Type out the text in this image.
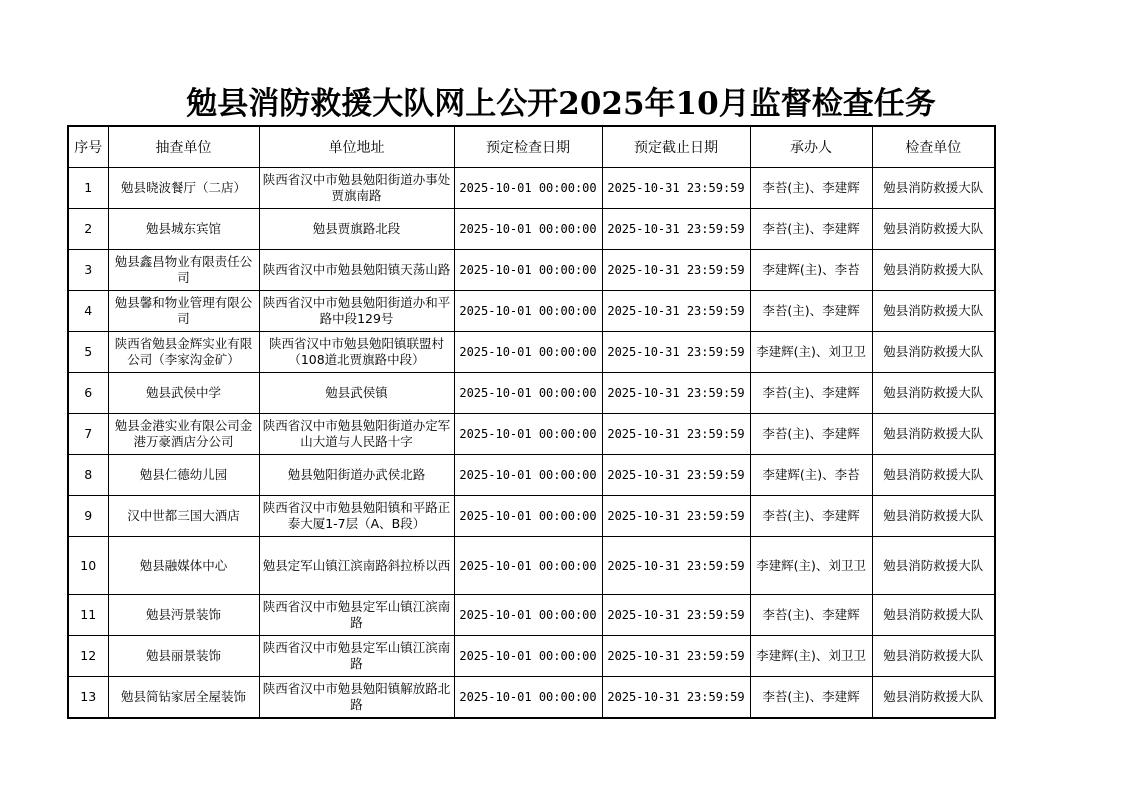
勉县消防救援大队网上公开2025年10月监督检查任务
序号	抽查单位	单位地址	预定检查日期	预定截止日期	承办人	检查单位
1	勉县晓波餐厅（二店）	陕西省汉中市勉县勉阳街道办事处贾旗南路	2025-10-01 00:00:00	2025-10-31 23:59:59	李苔(主)、李建辉	勉县消防救援大队
2	勉县城东宾馆	勉县贾旗路北段	2025-10-01 00:00:00	2025-10-31 23:59:59	李苔(主)、李建辉	勉县消防救援大队
3	勉县鑫昌物业有限责任公司	陕西省汉中市勉县勉阳镇天荡山路	2025-10-01 00:00:00	2025-10-31 23:59:59	李建辉(主)、李苔	勉县消防救援大队
4	勉县馨和物业管理有限公司	陕西省汉中市勉县勉阳街道办和平路中段129号	2025-10-01 00:00:00	2025-10-31 23:59:59	李苔(主)、李建辉	勉县消防救援大队
5	陕西省勉县金辉实业有限公司（李家沟金矿）	陕西省汉中市勉县勉阳镇联盟村（108道北贾旗路中段）	2025-10-01 00:00:00	2025-10-31 23:59:59	李建辉(主)、刘卫卫	勉县消防救援大队
6	勉县武侯中学	勉县武侯镇	2025-10-01 00:00:00	2025-10-31 23:59:59	李苔(主)、李建辉	勉县消防救援大队
7	勉县金港实业有限公司金港万豪酒店分公司	陕西省汉中市勉县勉阳街道办定军山大道与人民路十字	2025-10-01 00:00:00	2025-10-31 23:59:59	李苔(主)、李建辉	勉县消防救援大队
8	勉县仁德幼儿园	勉县勉阳街道办武侯北路	2025-10-01 00:00:00	2025-10-31 23:59:59	李建辉(主)、李苔	勉县消防救援大队
9	汉中世都三国大酒店	陕西省汉中市勉县勉阳镇和平路正泰大厦1-7层（A、B段）	2025-10-01 00:00:00	2025-10-31 23:59:59	李苔(主)、李建辉	勉县消防救援大队
10	勉县融媒体中心	勉县定军山镇江滨南路斜拉桥以西	2025-10-01 00:00:00	2025-10-31 23:59:59	李建辉(主)、刘卫卫	勉县消防救援大队
11	勉县沔景装饰	陕西省汉中市勉县定军山镇江滨南路	2025-10-01 00:00:00	2025-10-31 23:59:59	李苔(主)、李建辉	勉县消防救援大队
12	勉县丽景装饰	陕西省汉中市勉县定军山镇江滨南路	2025-10-01 00:00:00	2025-10-31 23:59:59	李建辉(主)、刘卫卫	勉县消防救援大队
13	勉县简钻家居全屋装饰	陕西省汉中市勉县勉阳镇解放路北路	2025-10-01 00:00:00	2025-10-31 23:59:59	李苔(主)、李建辉	勉县消防救援大队
